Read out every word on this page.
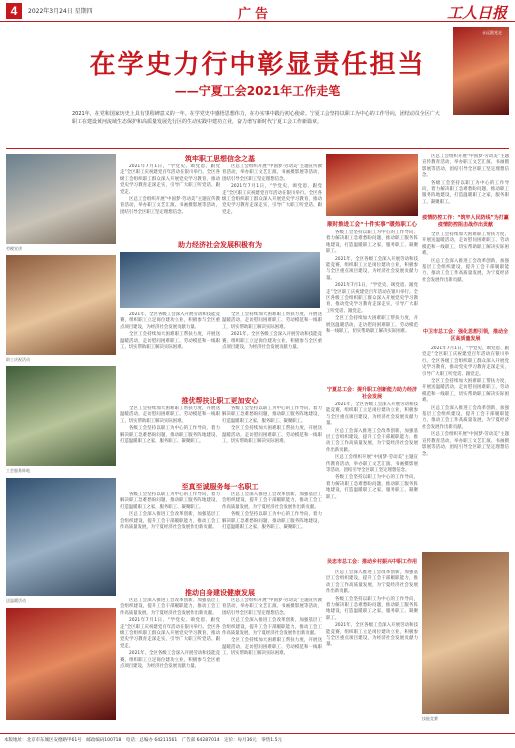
4	2022年3月24日 星期四	广告	工人日报
在学史力行中彰显责任担当
——宁夏工会2021年工作走笔
永远跟党走
2021年，在党和国家历史上具有里程碑意义的一年。在学党史中感悟思想伟力，在办实事中践行初心使命。宁夏工会坚持以职工为中心的工作导向，团结动员全区广大职工在建设黄河流域生态保护和高质量发展先行区的生动实践中建功立业，奋力谱写新时代宁夏工会工作新篇章。
劳模宣讲
职工庆祝活动
工会服务阵地
送温暖活动
筑牢职工思想信念之基

2021年7月1日，“学党史、颂党恩、跟党走”全区职工庆祝建党百年活动在银川举行。全区各级工会组织职工群众深入开展党史学习教育，推动党史学习教育走深走实，引导广大职工听党话、跟党走。

区总工会组织开展“中国梦·劳动美”主题宣传教育活动，举办职工文艺汇演、书画摄影展等活动，团结引导全区职工坚定理想信念。

区总工会组织开展“中国梦·劳动美”主题宣传教育活动，举办职工文艺汇演、书画摄影展等活动，团结引导全区职工坚定理想信念。

2021年7月1日，“学党史、颂党恩、跟党走”全区职工庆祝建党百年活动在银川举行。全区各级工会组织职工群众深入开展党史学习教育，推动党史学习教育走深走实，引导广大职工听党话、跟党走。

助力经济社会发展积极有为

2021年，全区各级工会深入开展劳动和技能竞赛，组织职工立足岗位建功立业，积极参与全区重点项目建设，为经济社会发展贡献力量。

全区工会持续加大困难职工帮扶力度，开展送温暖活动，走访慰问困难职工、劳动模范和一线职工，切实帮助职工解决实际困难。

全区工会持续加大困难职工帮扶力度，开展送温暖活动，走访慰问困难职工、劳动模范和一线职工，切实帮助职工解决实际困难。

2021年，全区各级工会深入开展劳动和技能竞赛，组织职工立足岗位建功立业，积极参与全区重点项目建设，为经济社会发展贡献力量。

推优帮扶让职工更加安心

全区工会持续加大困难职工帮扶力度，开展送温暖活动，走访慰问困难职工、劳动模范和一线职工，切实帮助职工解决实际困难。

各级工会坚持以职工为中心的工作导向，着力解决职工急难愁盼问题，推动职工服务阵地建设，打造温暖职工之家，服务职工、凝聚职工。

各级工会坚持以职工为中心的工作导向，着力解决职工急难愁盼问题，推动职工服务阵地建设，打造温暖职工之家，服务职工、凝聚职工。

全区工会持续加大困难职工帮扶力度，开展送温暖活动，走访慰问困难职工、劳动模范和一线职工，切实帮助职工解决实际困难。

至真至诚服务每一名职工

各级工会坚持以职工为中心的工作导向，着力解决职工急难愁盼问题，推动职工服务阵地建设，打造温暖职工之家，服务职工、凝聚职工。

区总工会深入推进工会改革创新，加强基层工会组织建设，提升工会干部履职能力，推动工会工作高质量发展，为宁夏经济社会发展作出新贡献。

区总工会深入推进工会改革创新，加强基层工会组织建设，提升工会干部履职能力，推动工会工作高质量发展，为宁夏经济社会发展作出新贡献。

各级工会坚持以职工为中心的工作导向，着力解决职工急难愁盼问题，推动职工服务阵地建设，打造温暖职工之家，服务职工、凝聚职工。

推动自身建设健康发展

区总工会深入推进工会改革创新，加强基层工会组织建设，提升工会干部履职能力，推动工会工作高质量发展，为宁夏经济社会发展作出新贡献。

2021年7月1日，“学党史、颂党恩、跟党走”全区职工庆祝建党百年活动在银川举行。全区各级工会组织职工群众深入开展党史学习教育，推动党史学习教育走深走实，引导广大职工听党话、跟党走。

2021年，全区各级工会深入开展劳动和技能竞赛，组织职工立足岗位建功立业，积极参与全区重点项目建设，为经济社会发展贡献力量。

区总工会组织开展“中国梦·劳动美”主题宣传教育活动，举办职工文艺汇演、书画摄影展等活动，团结引导全区职工坚定理想信念。

区总工会深入推进工会改革创新，加强基层工会组织建设，提升工会干部履职能力，推动工会工作高质量发展，为宁夏经济社会发展作出新贡献。

全区工会持续加大困难职工帮扶力度，开展送温暖活动，走访慰问困难职工、劳动模范和一线职工，切实帮助职工解决实际困难。

顺时推进工会“十件实事”暖热职工心

各级工会坚持以职工为中心的工作导向，着力解决职工急难愁盼问题，推动职工服务阵地建设，打造温暖职工之家，服务职工、凝聚职工。

2021年，全区各级工会深入开展劳动和技能竞赛，组织职工立足岗位建功立业，积极参与全区重点项目建设，为经济社会发展贡献力量。

2021年7月1日，“学党史、颂党恩、跟党走”全区职工庆祝建党百年活动在银川举行。全区各级工会组织职工群众深入开展党史学习教育，推动党史学习教育走深走实，引导广大职工听党话、跟党走。

全区工会持续加大困难职工帮扶力度，开展送温暖活动，走访慰问困难职工、劳动模范和一线职工，切实帮助职工解决实际困难。

区总工会组织开展“中国梦·劳动美”主题宣传教育活动，举办职工文艺汇演、书画摄影展等活动，团结引导全区职工坚定理想信念。

各级工会坚持以职工为中心的工作导向，着力解决职工急难愁盼问题，推动职工服务阵地建设，打造温暖职工之家，服务职工、凝聚职工。

疫情防控工作：“筑牢人民防线”为打赢疫情防控阻击战作出贡献

全区工会持续加大困难职工帮扶力度，开展送温暖活动，走访慰问困难职工、劳动模范和一线职工，切实帮助职工解决实际困难。

区总工会深入推进工会改革创新，加强基层工会组织建设，提升工会干部履职能力，推动工会工作高质量发展，为宁夏经济社会发展作出新贡献。

宁夏总工会：提升职工创新能力助力经济社会发展

2021年，全区各级工会深入开展劳动和技能竞赛，组织职工立足岗位建功立业，积极参与全区重点项目建设，为经济社会发展贡献力量。

区总工会深入推进工会改革创新，加强基层工会组织建设，提升工会干部履职能力，推动工会工作高质量发展，为宁夏经济社会发展作出新贡献。

区总工会组织开展“中国梦·劳动美”主题宣传教育活动，举办职工文艺汇演、书画摄影展等活动，团结引导全区职工坚定理想信念。

各级工会坚持以职工为中心的工作导向，着力解决职工急难愁盼问题，推动职工服务阵地建设，打造温暖职工之家，服务职工、凝聚职工。

中卫市总工会：强化思想引领，推动全区高质量发展

2021年7月1日，“学党史、颂党恩、跟党走”全区职工庆祝建党百年活动在银川举行。全区各级工会组织职工群众深入开展党史学习教育，推动党史学习教育走深走实，引导广大职工听党话、跟党走。

全区工会持续加大困难职工帮扶力度，开展送温暖活动，走访慰问困难职工、劳动模范和一线职工，切实帮助职工解决实际困难。

区总工会深入推进工会改革创新，加强基层工会组织建设，提升工会干部履职能力，推动工会工作高质量发展，为宁夏经济社会发展作出新贡献。

区总工会组织开展“中国梦·劳动美”主题宣传教育活动，举办职工文艺汇演、书画摄影展等活动，团结引导全区职工坚定理想信念。

吴忠市总工会：推动乡村振兴中职工作用

区总工会深入推进工会改革创新，加强基层工会组织建设，提升工会干部履职能力，推动工会工作高质量发展，为宁夏经济社会发展作出新贡献。

各级工会坚持以职工为中心的工作导向，着力解决职工急难愁盼问题，推动职工服务阵地建设，打造温暖职工之家，服务职工、凝聚职工。

2021年，全区各级工会深入开展劳动和技能竞赛，组织职工立足岗位建功立业，积极参与全区重点项目建设，为经济社会发展贡献力量。

技能竞赛
本版地址：北京市东城区安德路甲61号　邮政编码100718　电话：总编办 64211561　广告部 64287014　定价：每月36元　零售1.5元
